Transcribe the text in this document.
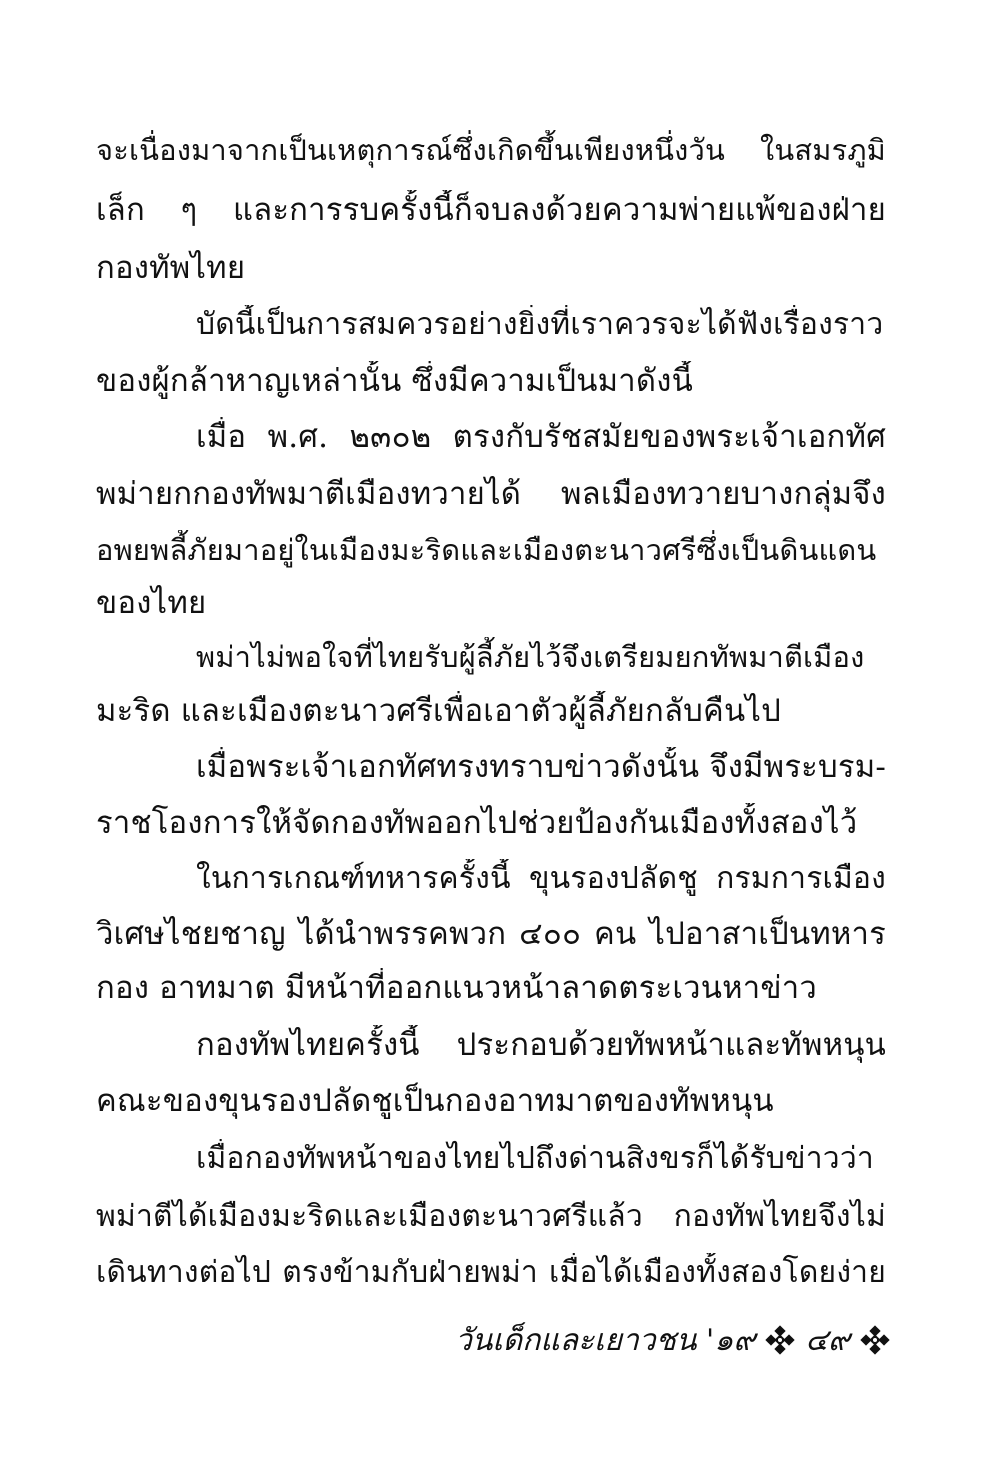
จะเนื่องมาจากเป็นเหตุการณ์ซึ่งเกิดขึ้นเพียงหนึ่งวัน ในสมรภูมิ
เล็ก ๆ และการรบครั้งนี้ก็จบลงด้วยความพ่ายแพ้ของฝ่าย
กองทัพไทย
บัดนี้เป็นการสมควรอย่างยิ่งที่เราควรจะได้ฟังเรื่องราว
ของผู้กล้าหาญเหล่านั้น ซึ่งมีความเป็นมาดังนี้
เมื่อ พ.ศ. ๒๓๐๒ ตรงกับรัชสมัยของพระเจ้าเอกทัศ
พม่ายกกองทัพมาตีเมืองทวายได้ พลเมืองทวายบางกลุ่มจึง
อพยพลี้ภัยมาอยู่ในเมืองมะริดและเมืองตะนาวศรีซึ่งเป็นดินแดน
ของไทย
พม่าไม่พอใจที่ไทยรับผู้ลี้ภัยไว้จึงเตรียมยกทัพมาตีเมือง
มะริด และเมืองตะนาวศรีเพื่อเอาตัวผู้ลี้ภัยกลับคืนไป
เมื่อพระเจ้าเอกทัศทรงทราบข่าวดังนั้น จึงมีพระบรม-
ราชโองการให้จัดกองทัพออกไปช่วยป้องกันเมืองทั้งสองไว้
ในการเกณฑ์ทหารครั้งนี้ ขุนรองปลัดชู กรมการเมือง
วิเศษไชยชาญ ได้นำพรรคพวก ๔๐๐ คน ไปอาสาเป็นทหาร
กอง อาทมาต มีหน้าที่ออกแนวหน้าลาดตระเวนหาข่าว
กองทัพไทยครั้งนี้ ประกอบด้วยทัพหน้าและทัพหนุน
คณะของขุนรองปลัดชูเป็นกองอาทมาตของทัพหนุน
เมื่อกองทัพหน้าของไทยไปถึงด่านสิงขรก็ได้รับข่าวว่า
พม่าตีได้เมืองมะริดและเมืองตะนาวศรีแล้ว กองทัพไทยจึงไม่
เดินทางต่อไป ตรงข้ามกับฝ่ายพม่า เมื่อได้เมืองทั้งสองโดยง่าย
วันเด็กและเยาวชน '๑๙ ๔๙
